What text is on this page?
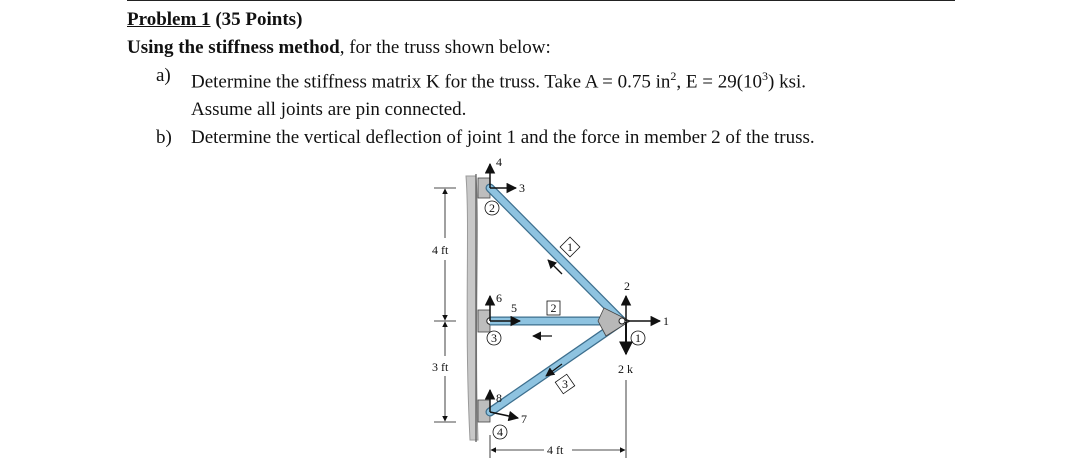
Problem 1 (35 Points)
Using the stiffness method, for the truss shown below:
a) Determine the stiffness matrix K for the truss. Take A = 0.75 $in^2$, $E = 29(10^3)$ ksi.
Assume all joints are pin connected.
b) Determine the vertical deflection of joint 1 and the force in member 2 of the truss.
1
2
3
2
3
4
1
4
3
6
5
8
7
2
1
2 k
4 ft
3 ft
4 ft
